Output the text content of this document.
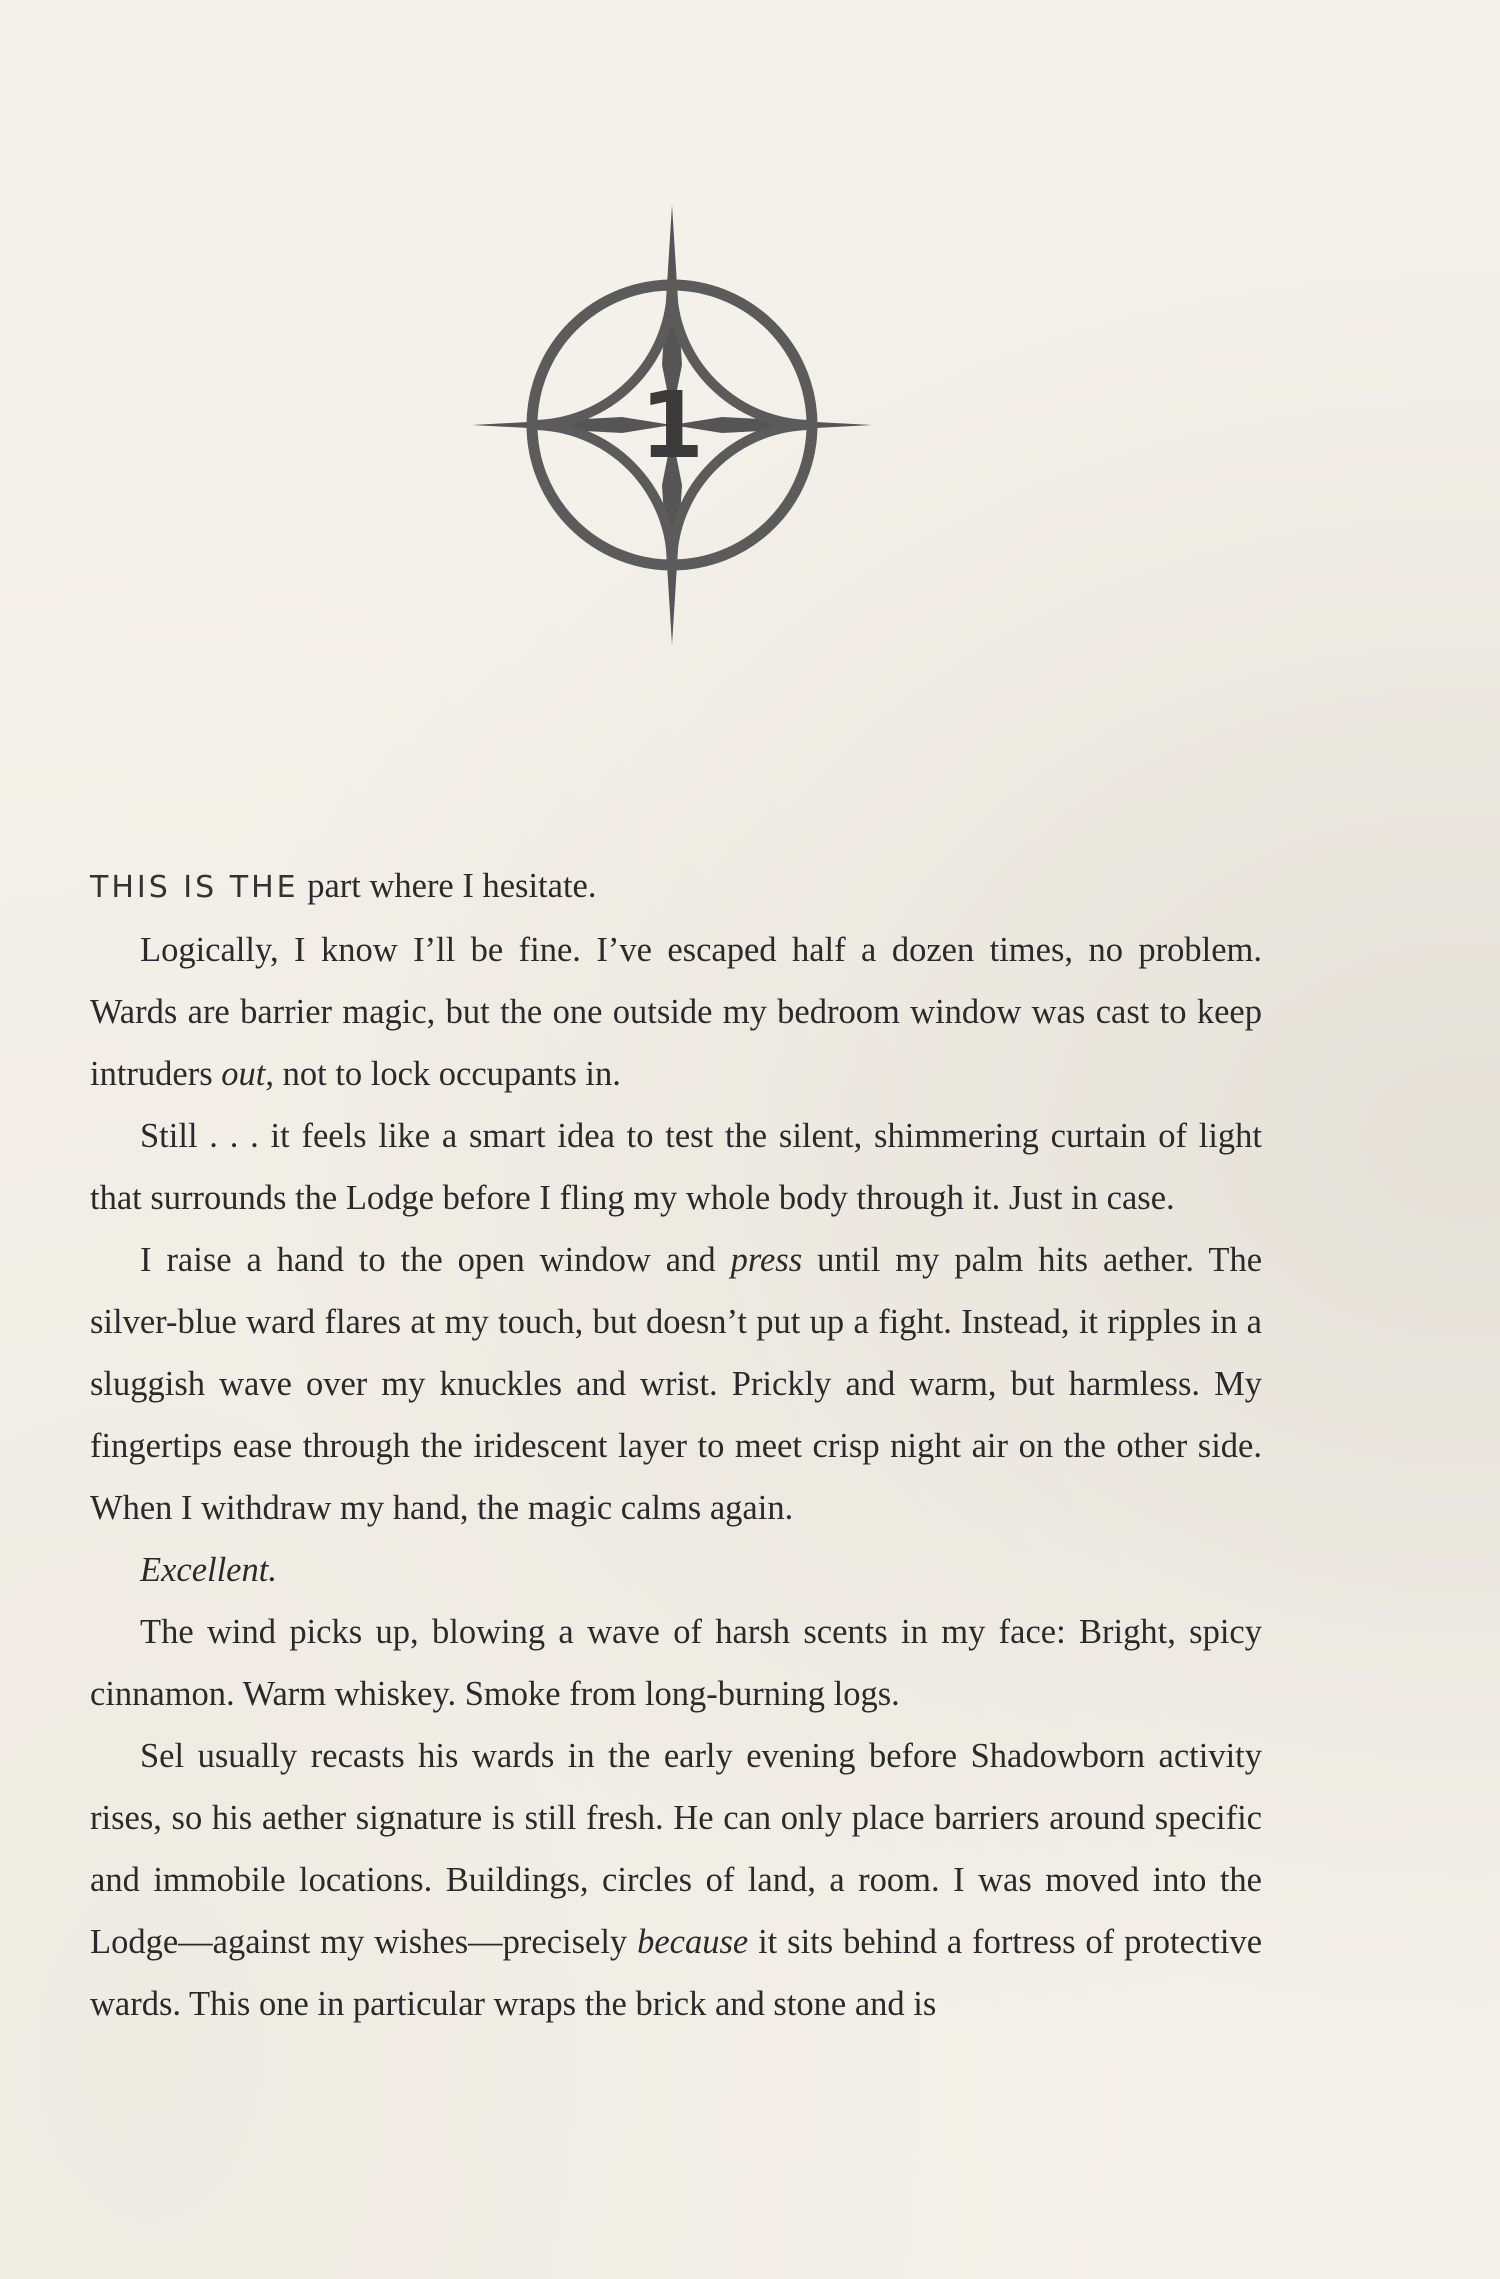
1

THIS IS THE part where I hesitate.

Logically, I know I’ll be fine. I’ve escaped half a dozen times, no problem. Wards are barrier magic, but the one outside my bedroom window was cast to keep intruders out, not to lock occupants in.

Still . . . it feels like a smart idea to test the silent, shimmering curtain of light that surrounds the Lodge before I fling my whole body through it. Just in case.

I raise a hand to the open window and press until my palm hits aether. The silver-blue ward flares at my touch, but doesn’t put up a fight. Instead, it ripples in a sluggish wave over my knuckles and wrist. Prickly and warm, but harmless. My fingertips ease through the iridescent layer to meet crisp night air on the other side. When I withdraw my hand, the magic calms again.

Excellent.

The wind picks up, blowing a wave of harsh scents in my face: Bright, spicy cinnamon. Warm whiskey. Smoke from long-burning logs.

Sel usually recasts his wards in the early evening before Shadowborn activity rises, so his aether signature is still fresh. He can only place barriers around specific and immobile locations. Buildings, circles of land, a room. I was moved into the Lodge—against my wishes—precisely because it sits behind a fortress of protective wards. This one in particular wraps the brick and stone and is
